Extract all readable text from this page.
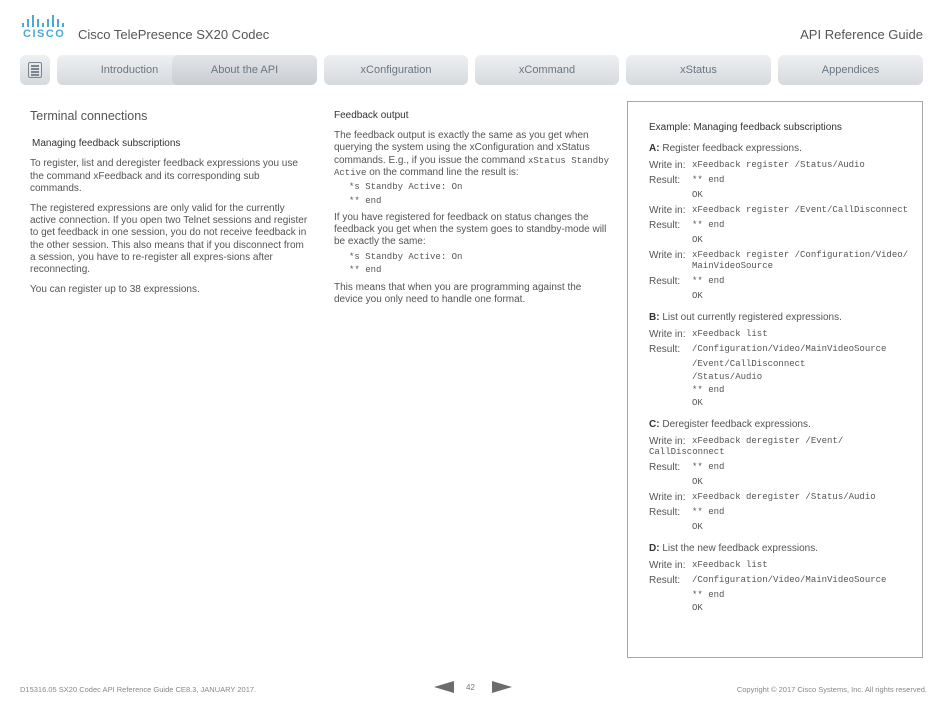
CISCO Cisco TelePresence SX20 Codec	API Reference Guide
Introduction	About the API	xConfiguration	xCommand	xStatus	Appendices
Terminal connections
Managing feedback subscriptions

To register, list and deregister feedback expressions you use the command xFeedback and its corresponding sub commands.

The registered expressions are only valid for the currently active connection. If you open two Telnet sessions and register to get feedback in one session, you do not receive feedback in the other session. This also means that if you disconnect from a session, you have to re-register all expres-sions after reconnecting.

You can register up to 38 expressions.

Feedback output

The feedback output is exactly the same as you get when querying the system using the xConfiguration and xStatus commands. E.g., if you issue the command xStatus Standby Active on the command line the result is:

*s Standby Active: On
** end

If you have registered for feedback on status changes the feedback you get when the system goes to standby-mode will be exactly the same:

*s Standby Active: On
** end

This means that when you are programming against the device you only need to handle one format.

Example: Managing feedback subscriptions
A: Register feedback expressions.
Write in: xFeedback register /Status/Audio
Result:	** end
OK
Write in: xFeedback register /Event/CallDisconnect
Result:	** end
OK
Write in: xFeedback register /Configuration/Video/
MainVideoSource
Result:	** end
OK
B: List out currently registered expressions.
Write in: xFeedback list
Result:	/Configuration/Video/MainVideoSource
/Event/CallDisconnect
/Status/Audio
** end
OK
C: Deregister feedback expressions.
Write in: xFeedback deregister /Event/
CallDisconnect
Result:	** end
OK
Write in: xFeedback deregister /Status/Audio
Result:	** end
OK
D: List the new feedback expressions.
Write in: xFeedback list
Result:	/Configuration/Video/MainVideoSource
** end
OK
D15316.05 SX20 Codec API Reference Guide CE8.3, JANUARY 2017.	42	Copyright © 2017 Cisco Systems, Inc. All rights reserved.
